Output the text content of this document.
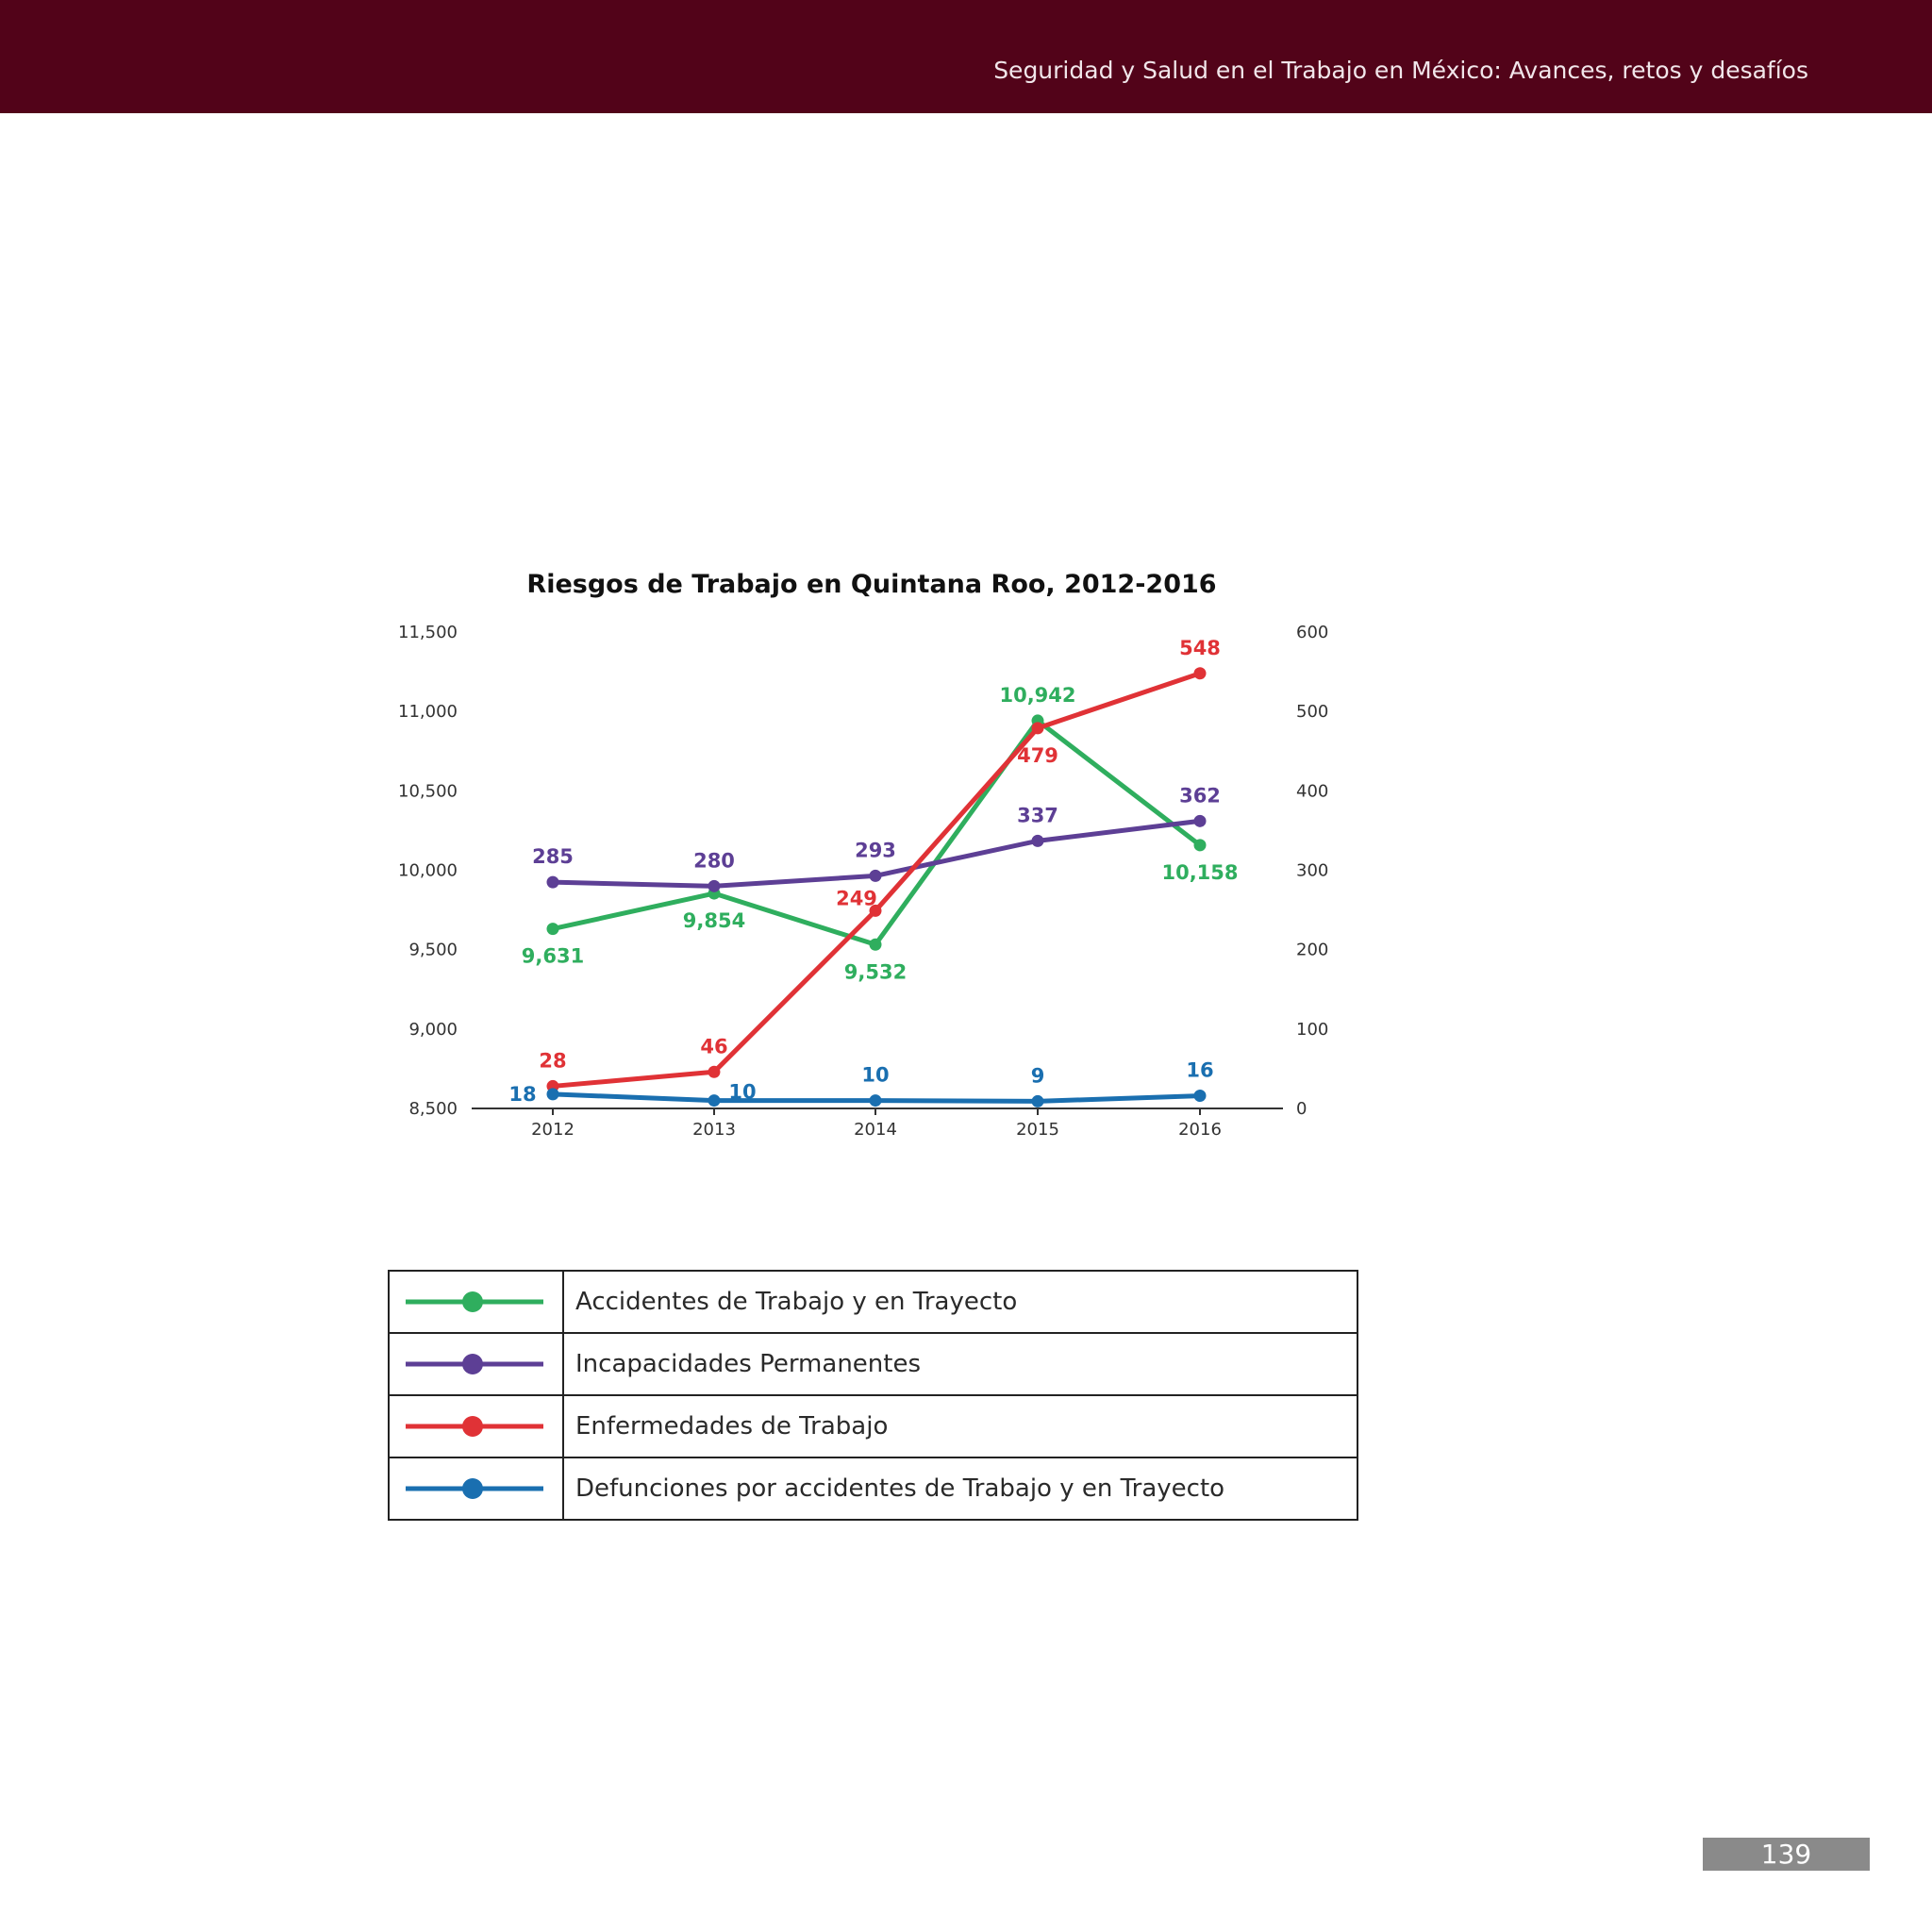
Seguridad y Salud en el Trabajo en México: Avances, retos y desafíos
Riesgos de Trabajo en Quintana Roo, 2012-2016
8,500
9,000
9,500
10,000
10,500
11,000
11,500
0
100
200
300
400
500
600
2012	2013	2014	2015	2016
9,631
9,854
9,532
10,942
10,158
285	280	293
337
362
28
46
249
479
548
18	10
10	9	16
	Accidentes de Trabajo y en Trayecto

	Incapacidades Permanentes

	Enfermedades de Trabajo

	Defunciones por accidentes de Trabajo y en Trayecto
139
